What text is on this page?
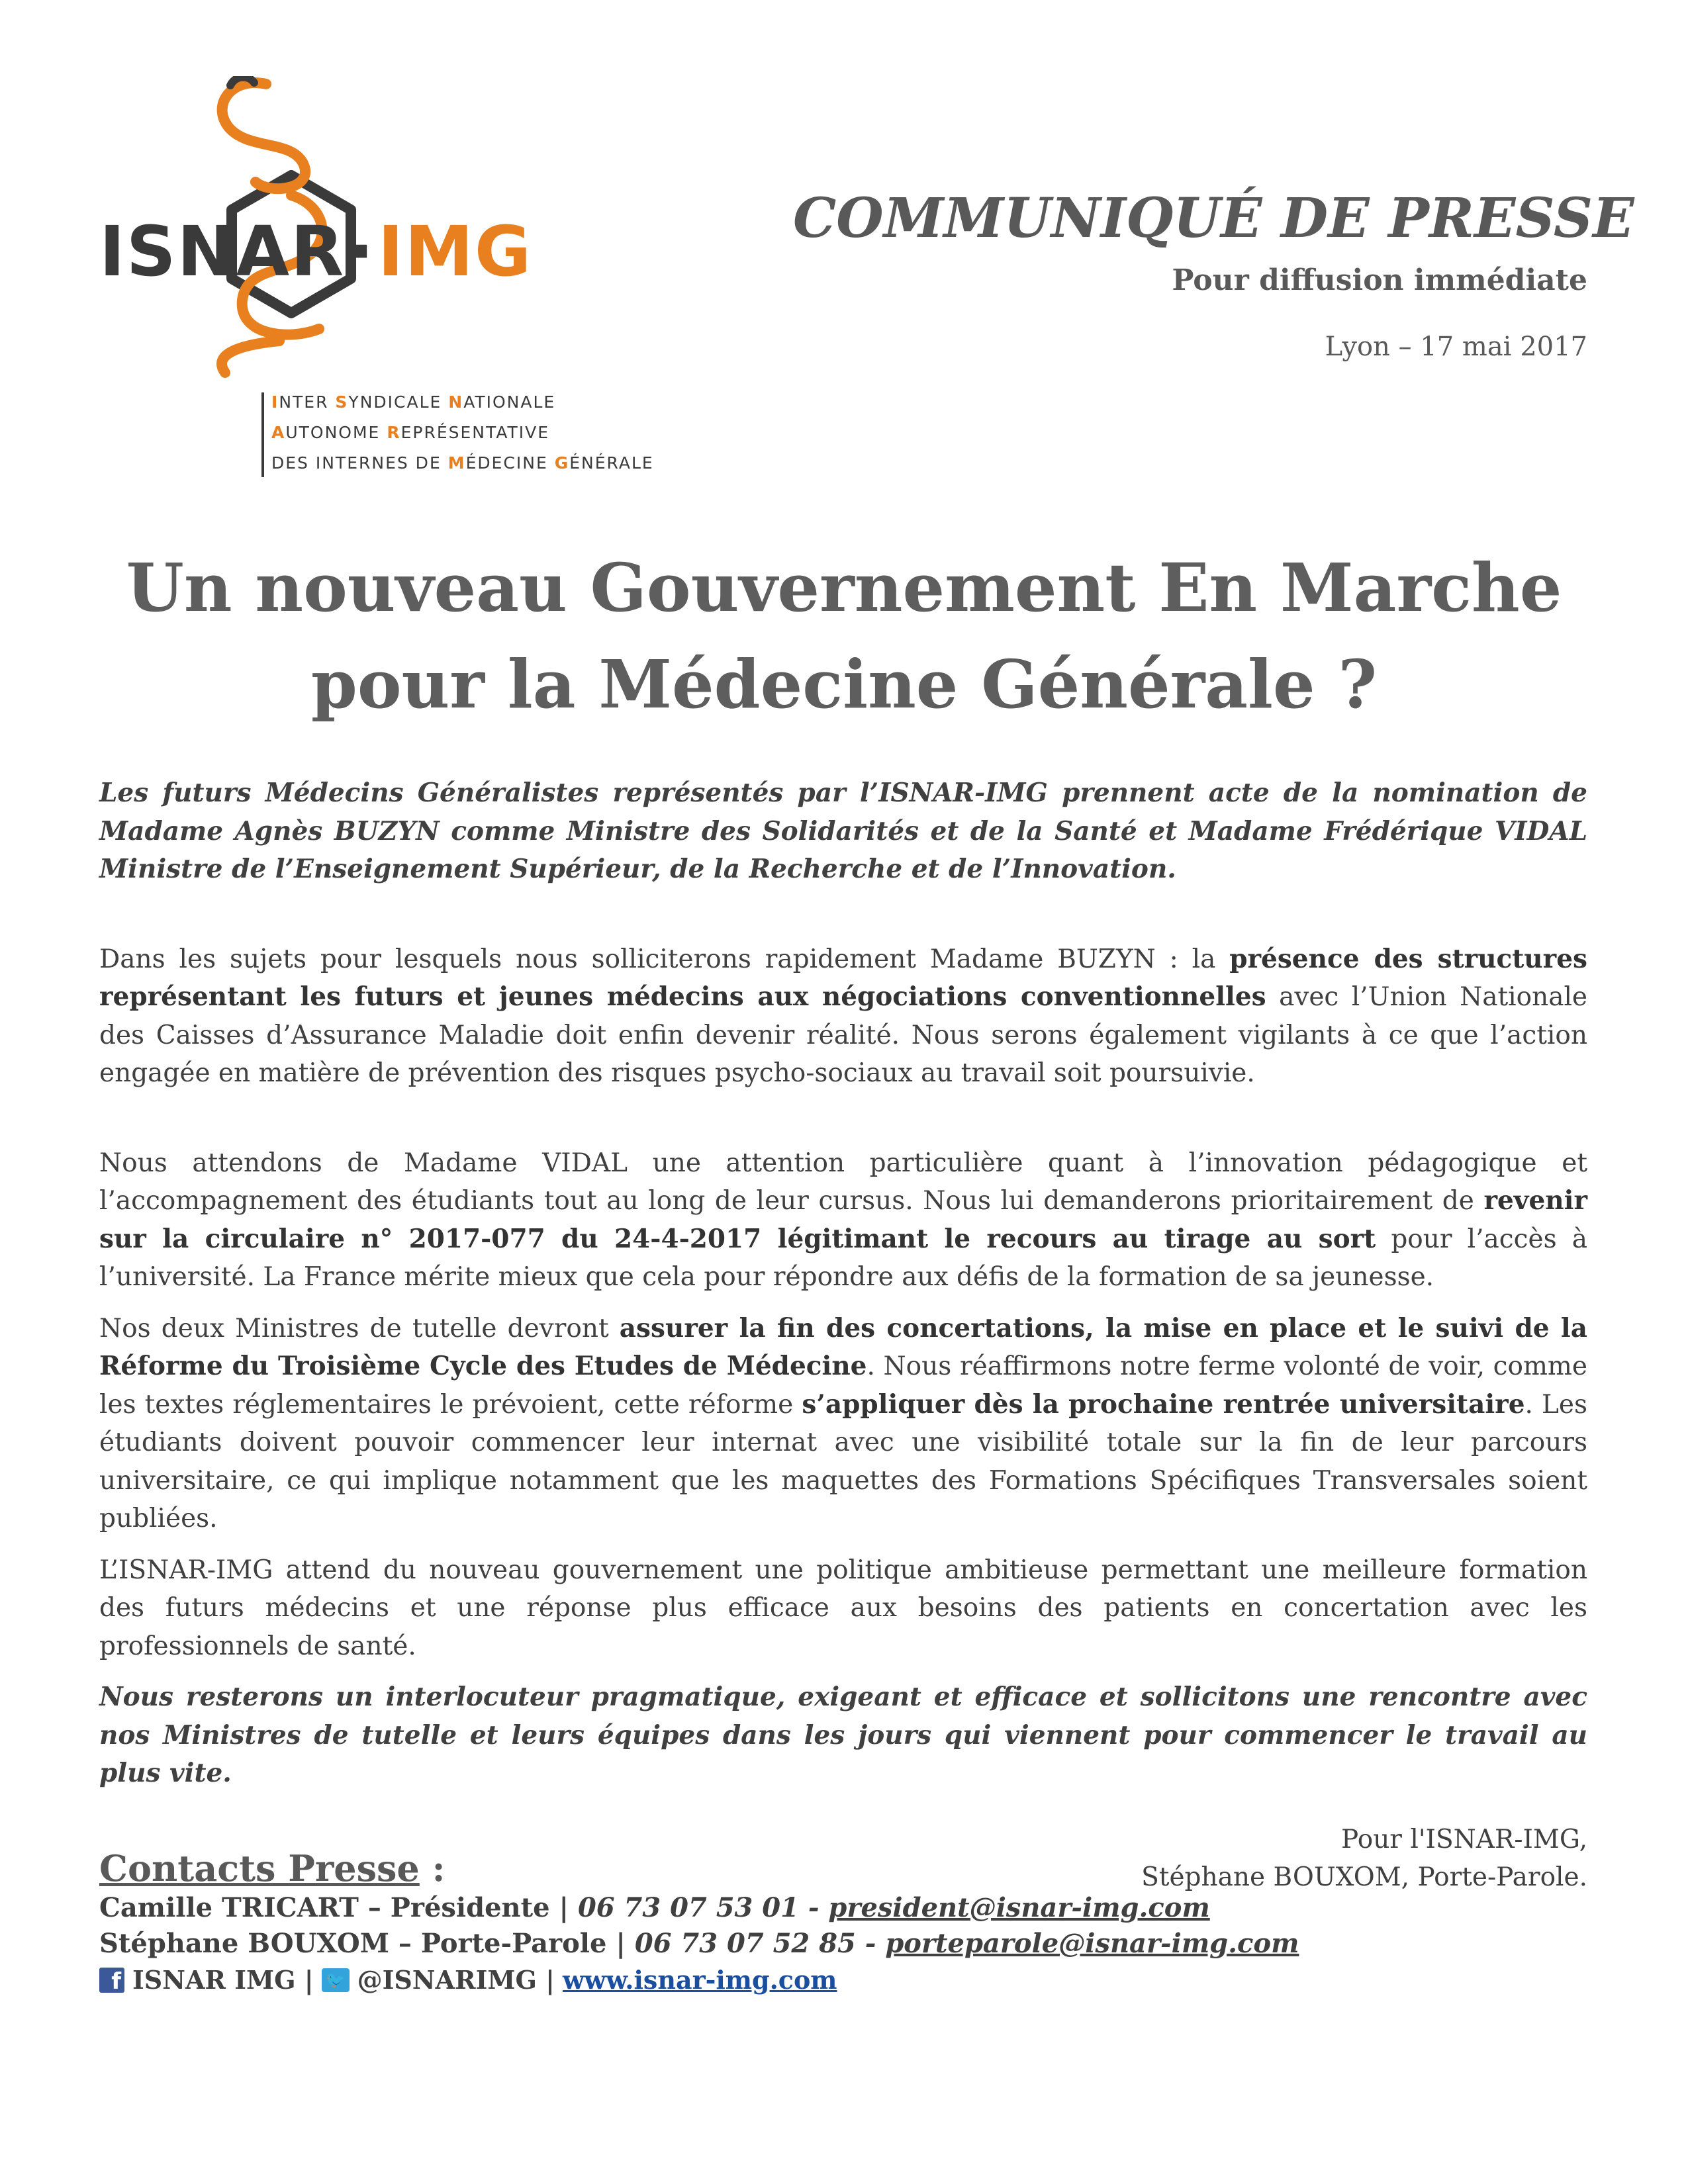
ISNAR·IMG
INTER SYNDICALE NATIONALE
AUTONOME REPRÉSENTATIVE
DES INTERNES DE MÉDECINE GÉNÉRALE
COMMUNIQUÉ DE PRESSE
Pour diffusion immédiate
Lyon – 17 mai 2017
Un nouveau Gouvernement En Marche
pour la Médecine Générale ?

Les futurs Médecins Généralistes représentés par l’ISNAR-IMG prennent acte de la nomination de Madame Agnès BUZYN comme Ministre des Solidarités et de la Santé et Madame Frédérique VIDAL Ministre de l’Enseignement Supérieur, de la Recherche et de l’Innovation.

Dans les sujets pour lesquels nous solliciterons rapidement Madame BUZYN : la présence des structures représentant les futurs et jeunes médecins aux négociations conventionnelles avec l’Union Nationale des Caisses d’Assurance Maladie doit enfin devenir réalité. Nous serons également vigilants à ce que l’action engagée en matière de prévention des risques psycho-sociaux au travail soit poursuivie.

Nous attendons de Madame VIDAL une attention particulière quant à l’innovation pédagogique et l’accompagnement des étudiants tout au long de leur cursus. Nous lui demanderons prioritairement de revenir sur la circulaire n° 2017-077 du 24-4-2017 légitimant le recours au tirage au sort pour l’accès à l’université. La France mérite mieux que cela pour répondre aux défis de la formation de sa jeunesse.

Nos deux Ministres de tutelle devront assurer la fin des concertations, la mise en place et le suivi de la Réforme du Troisième Cycle des Etudes de Médecine. Nous réaffirmons notre ferme volonté de voir, comme les textes réglementaires le prévoient, cette réforme s’appliquer dès la prochaine rentrée universitaire. Les étudiants doivent pouvoir commencer leur internat avec une visibilité totale sur la fin de leur parcours universitaire, ce qui implique notamment que les maquettes des Formations Spécifiques Transversales soient publiées.

L’ISNAR-IMG attend du nouveau gouvernement une politique ambitieuse permettant une meilleure formation des futurs médecins et une réponse plus efficace aux besoins des patients en concertation avec les professionnels de santé.

Nous resterons un interlocuteur pragmatique, exigeant et efficace et sollicitons une rencontre avec nos Ministres de tutelle et leurs équipes dans les jours qui viennent pour commencer le travail au plus vite.

Pour l'ISNAR-IMG,
Stéphane BOUXOM, Porte-Parole.
Contacts Presse :
Camille TRICART – Présidente | 06 73 07 53 01 - president@isnar-img.com
Stéphane BOUXOM – Porte-Parole | 06 73 07 52 85 - porteparole@isnar-img.com
f ISNAR IMG | 🐦 @ISNARIMG | www.isnar-img.com
